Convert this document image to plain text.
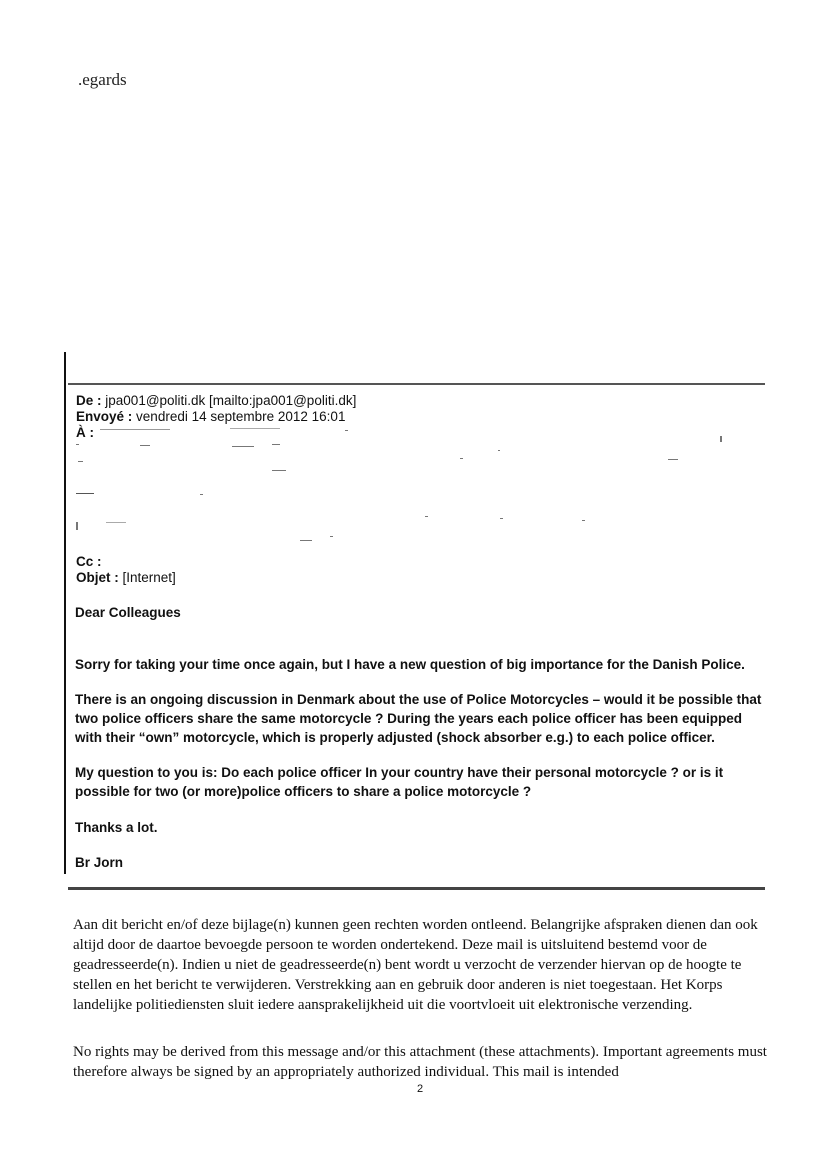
.egards
De : jpa001@politi.dk [mailto:jpa001@politi.dk]
Envoyé : vendredi 14 septembre 2012 16:01
À :
Cc :
Objet : [Internet]
Dear Colleagues
Sorry for taking your time once again, but I have a new question of big importance for the Danish Police.
There is an ongoing discussion in Denmark about the use of Police Motorcycles – would it be possible that two police officers share the same motorcycle ? During the years each police officer has been equipped with their “own” motorcycle, which is properly adjusted (shock absorber e.g.) to each police officer.
My question to you is: Do each police officer In your country have their personal motorcycle ? or is it possible for two (or more)police officers to share a police motorcycle ?
Thanks a lot.
Br Jorn
Aan dit bericht en/of deze bijlage(n) kunnen geen rechten worden ontleend. Belangrijke afspraken dienen dan ook altijd door de daartoe bevoegde persoon te worden ondertekend. Deze mail is uitsluitend bestemd voor de geadresseerde(n). Indien u niet de geadresseerde(n) bent wordt u verzocht de verzender hiervan op de hoogte te stellen en het bericht te verwijderen. Verstrekking aan en gebruik door anderen is niet toegestaan. Het Korps landelijke politiediensten sluit iedere aansprakelijkheid uit die voortvloeit uit elektronische verzending.
No rights may be derived from this message and/or this attachment (these attachments). Important agreements must therefore always be signed by an appropriately authorized individual. This mail is intended
2
